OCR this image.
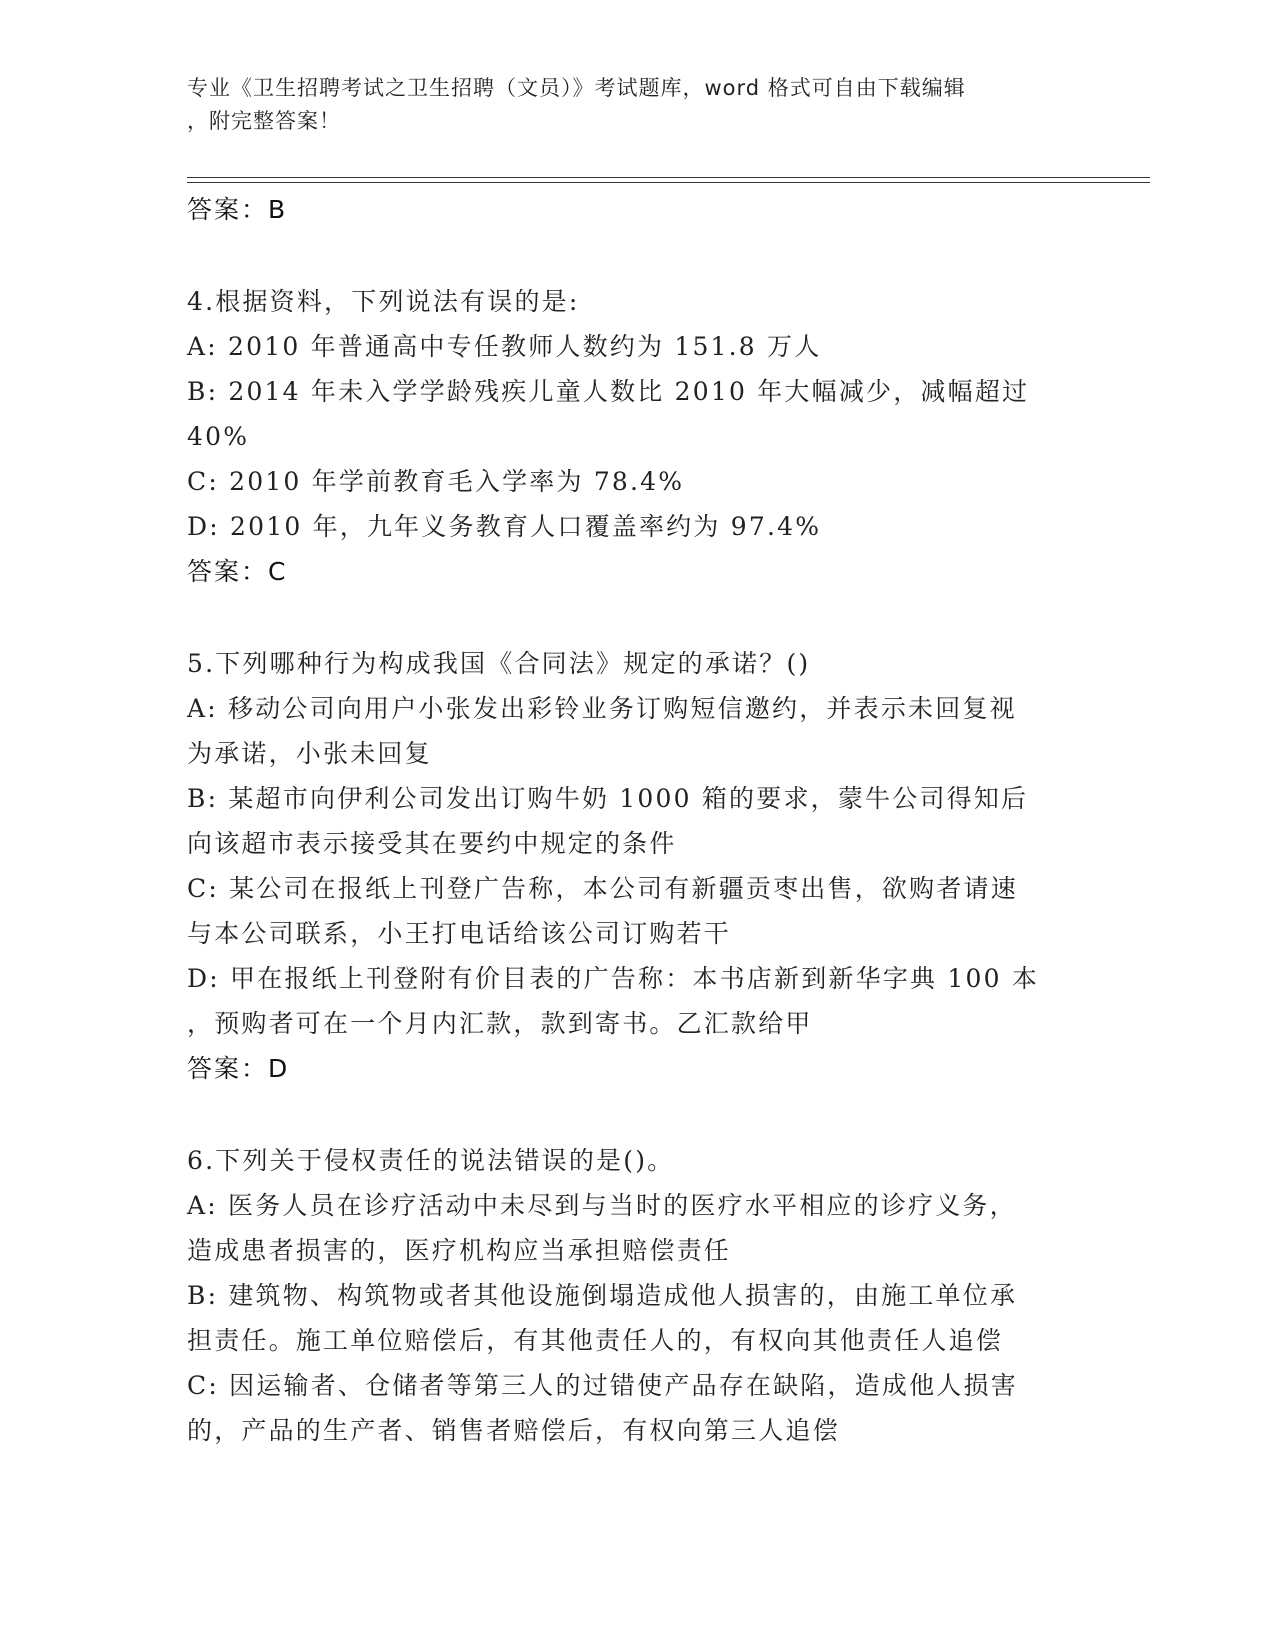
专业《卫生招聘考试之卫生招聘（文员）》考试题库，word 格式可自由下载编辑
，附完整答案！
答案：B
4.根据资料，下列说法有误的是:
A: 2010 年普通高中专任教师人数约为 151.8 万人
B: 2014 年未入学学龄残疾儿童人数比 2010 年大幅减少，减幅超过
40%
C: 2010 年学前教育毛入学率为 78.4%
D: 2010 年，九年义务教育人口覆盖率约为 97.4%
答案：C
5.下列哪种行为构成我国《合同法》规定的承诺？()
A: 移动公司向用户小张发出彩铃业务订购短信邀约，并表示未回复视
为承诺，小张未回复
B: 某超市向伊利公司发出订购牛奶 1000 箱的要求，蒙牛公司得知后
向该超市表示接受其在要约中规定的条件
C: 某公司在报纸上刊登广告称，本公司有新疆贡枣出售，欲购者请速
与本公司联系，小王打电话给该公司订购若干
D: 甲在报纸上刊登附有价目表的广告称：本书店新到新华字典 100 本
，预购者可在一个月内汇款，款到寄书。乙汇款给甲
答案：D
6.下列关于侵权责任的说法错误的是()。
A: 医务人员在诊疗活动中未尽到与当时的医疗水平相应的诊疗义务，
造成患者损害的，医疗机构应当承担赔偿责任
B: 建筑物、构筑物或者其他设施倒塌造成他人损害的，由施工单位承
担责任。施工单位赔偿后，有其他责任人的，有权向其他责任人追偿
C: 因运输者、仓储者等第三人的过错使产品存在缺陷，造成他人损害
的，产品的生产者、销售者赔偿后，有权向第三人追偿
